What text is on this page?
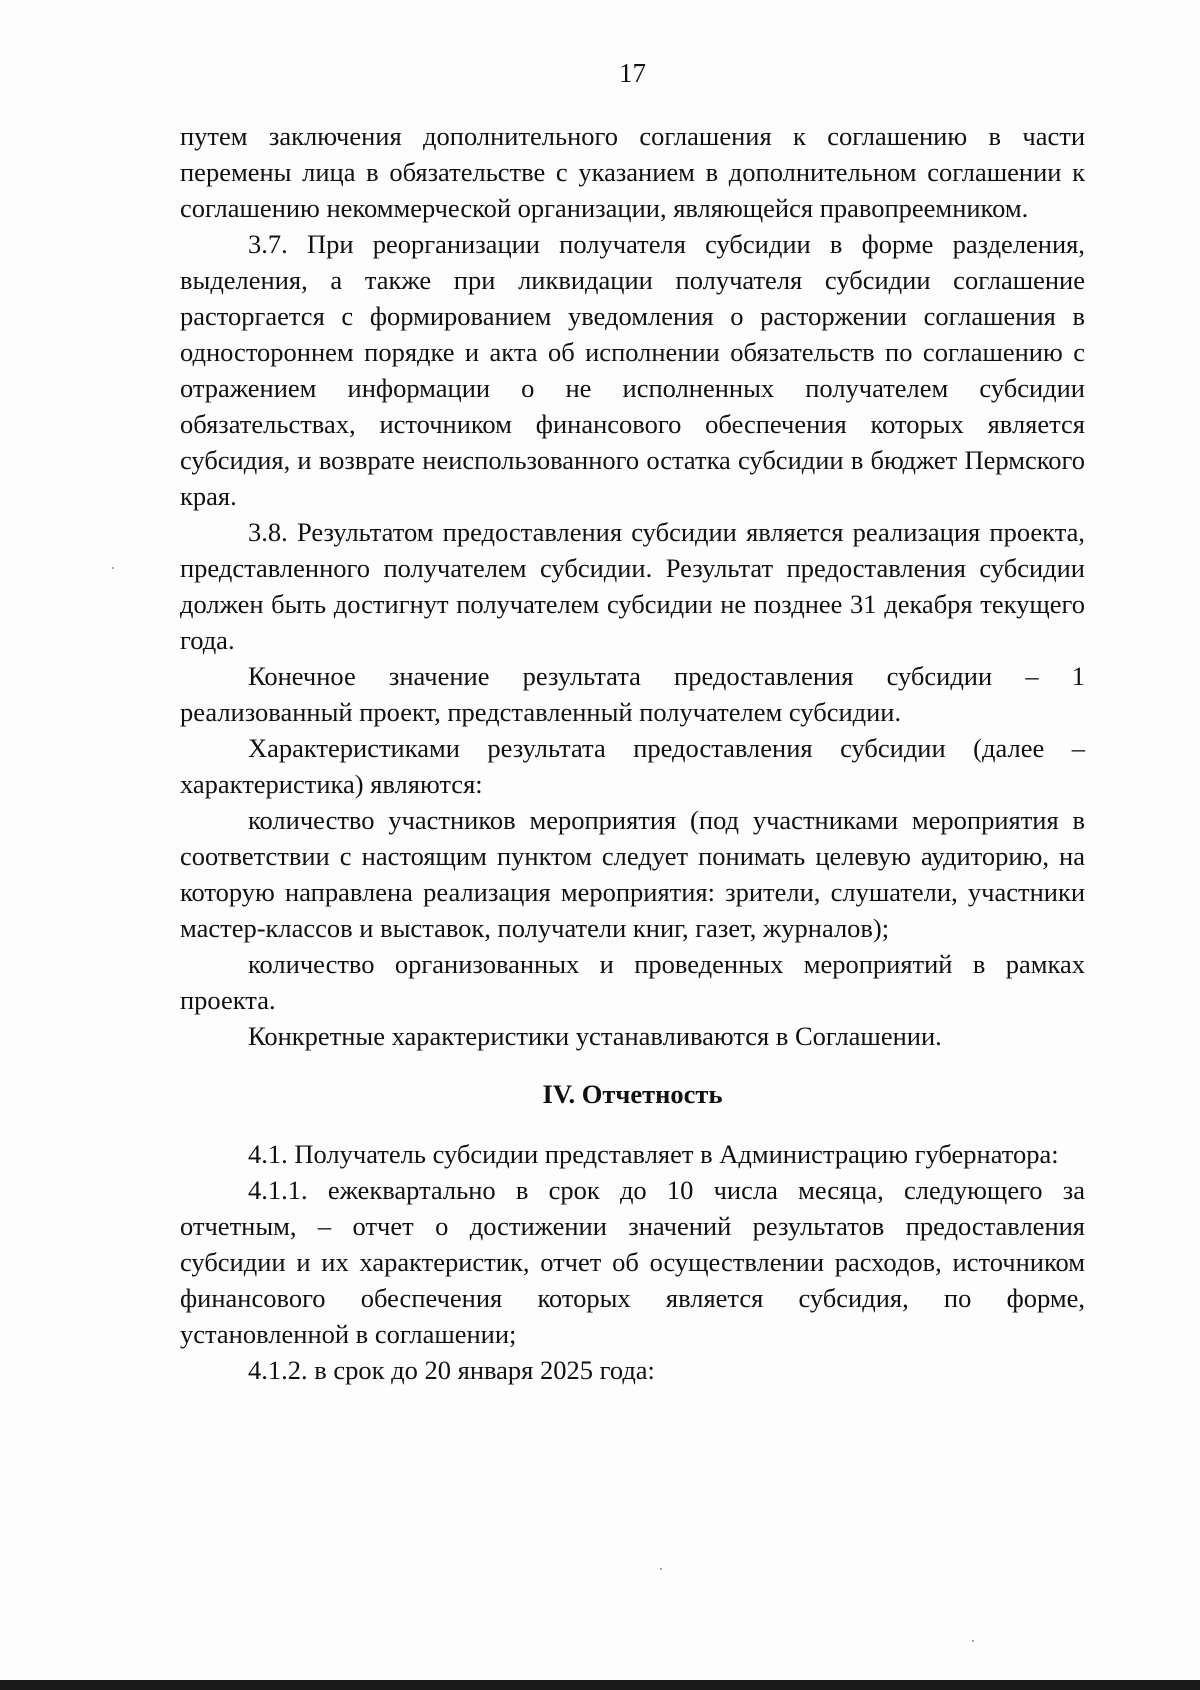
17

путем заключения дополнительного соглашения к соглашению в части перемены лица в обязательстве с указанием в дополнительном соглашении к соглашению некоммерческой организации, являющейся правопреемником.

3.7. При реорганизации получателя субсидии в форме разделения, выделения, а также при ликвидации получателя субсидии соглашение расторгается с формированием уведомления о расторжении соглашения в одностороннем порядке и акта об исполнении обязательств по соглашению с отражением информации о не исполненных получателем субсидии обязательствах, источником финансового обеспечения которых является субсидия, и возврате неиспользованного остатка субсидии в бюджет Пермского края.

3.8. Результатом предоставления субсидии является реализация проекта, представленного получателем субсидии. Результат предоставления субсидии должен быть достигнут получателем субсидии не позднее 31 декабря текущего года.

Конечное значение результата предоставления субсидии – 1 реализованный проект, представленный получателем субсидии.

Характеристиками результата предоставления субсидии (далее – характеристика) являются:

количество участников мероприятия (под участниками мероприятия в соответствии с настоящим пунктом следует понимать целевую аудиторию, на которую направлена реализация мероприятия: зрители, слушатели, участники мастер-классов и выставок, получатели книг, газет, журналов);

количество организованных и проведенных мероприятий в рамках проекта.

Конкретные характеристики устанавливаются в Соглашении.

IV. Отчетность

4.1. Получатель субсидии представляет в Администрацию губернатора:

4.1.1. ежеквартально в срок до 10 числа месяца, следующего за отчетным, – отчет о достижении значений результатов предоставления субсидии и их характеристик, отчет об осуществлении расходов, источником финансового обеспечения которых является субсидия, по форме, установленной в соглашении;

4.1.2. в срок до 20 января 2025 года:
